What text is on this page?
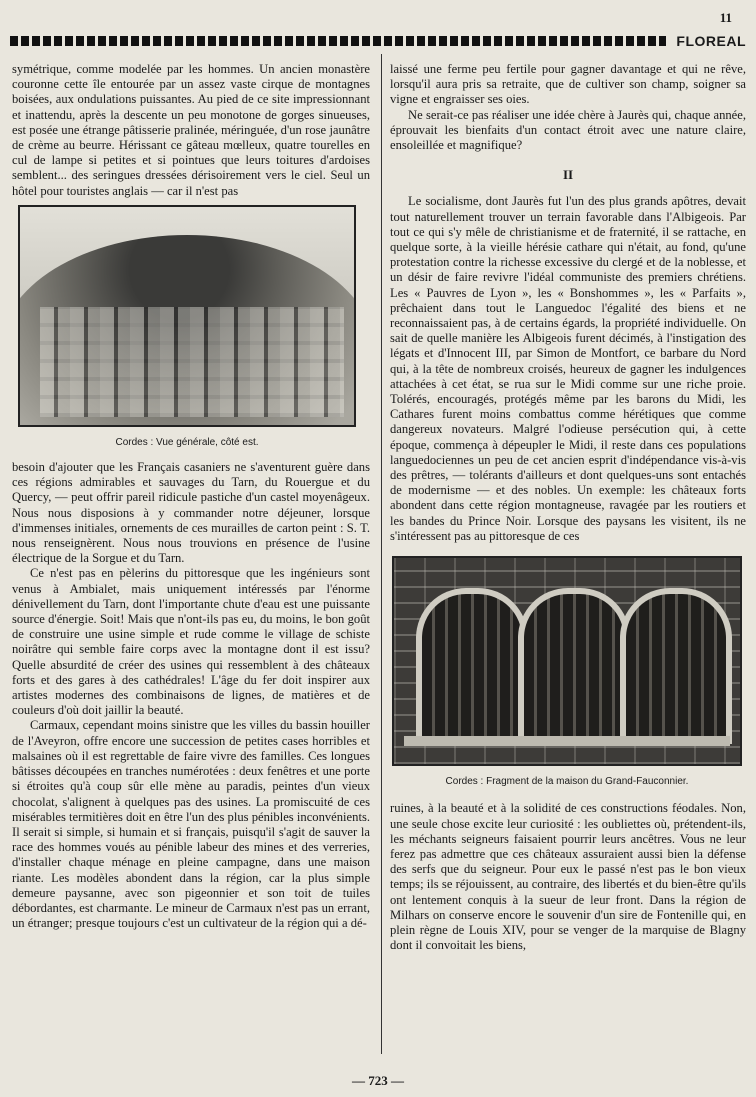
11
FLOREAL

symétrique, comme modelée par les hommes. Un ancien monastère couronne cette île entourée par un assez vaste cirque de montagnes boisées, aux ondulations puissantes. Au pied de ce site impressionnant et inattendu, après la descente un peu monotone de gorges sinueuses, est posée une étrange pâtisserie pralinée, méringuée, d'un rose jaunâtre de crème au beurre. Hérissant ce gâteau mœlleux, quatre tourelles en cul de lampe si petites et si pointues que leurs toitures d'ardoises semblent... des seringues dressées dérisoirement vers le ciel. Seul un hôtel pour touristes anglais — car il n'est pas

Cordes : Vue générale, côté est.

besoin d'ajouter que les Français casaniers ne s'aventurent guère dans ces régions admirables et sauvages du Tarn, du Rouergue et du Quercy, — peut offrir pareil ridicule pastiche d'un castel moyenâgeux. Nous nous disposions à y commander notre déjeuner, lorsque d'immenses initiales, ornements de ces murailles de carton peint : S. T. nous renseignèrent. Nous nous trouvions en présence de l'usine électrique de la Sorgue et du Tarn.

Ce n'est pas en pèlerins du pittoresque que les ingénieurs sont venus à Ambialet, mais uniquement intéressés par l'énorme dénivellement du Tarn, dont l'importante chute d'eau est une puissante source d'énergie. Soit! Mais que n'ont-ils pas eu, du moins, le bon goût de construire une usine simple et rude comme le village de schiste noirâtre qui semble faire corps avec la montagne dont il est issu? Quelle absurdité de créer des usines qui ressemblent à des châteaux forts et des gares à des cathédrales! L'âge du fer doit inspirer aux artistes modernes des combinaisons de lignes, de matières et de couleurs d'où doit jaillir la beauté.

Carmaux, cependant moins sinistre que les villes du bassin houiller de l'Aveyron, offre encore une succession de petites cases horribles et malsaines où il est regrettable de faire vivre des familles. Ces longues bâtisses découpées en tranches numérotées : deux fenêtres et une porte si étroites qu'à coup sûr elle mène au paradis, peintes d'un vieux chocolat, s'alignent à quelques pas des usines. La promiscuité de ces misérables termitières doit en être l'un des plus pénibles inconvénients. Il serait si simple, si humain et si français, puisqu'il s'agit de sauver la race des hommes voués au pénible labeur des mines et des verreries, d'installer chaque ménage en pleine campagne, dans une maison riante. Les modèles abondent dans la région, car la plus simple demeure paysanne, avec son pigeonnier et son toit de tuiles débordantes, est charmante. Le mineur de Carmaux n'est pas un errant, un étranger; presque toujours c'est un cultivateur de la région qui a dé-

laissé une ferme peu fertile pour gagner davantage et qui ne rêve, lorsqu'il aura pris sa retraite, que de cultiver son champ, soigner sa vigne et engraisser ses oies.

Ne serait-ce pas réaliser une idée chère à Jaurès qui, chaque année, éprouvait les bienfaits d'un contact étroit avec une nature claire, ensoleillée et magnifique?

II

Le socialisme, dont Jaurès fut l'un des plus grands apôtres, devait tout naturellement trouver un terrain favorable dans l'Albigeois. Par tout ce qui s'y mêle de christianisme et de fraternité, il se rattache, en quelque sorte, à la vieille hérésie cathare qui n'était, au fond, qu'une protestation contre la richesse excessive du clergé et de la noblesse, et un désir de faire revivre l'idéal communiste des premiers chrétiens. Les « Pauvres de Lyon », les « Bonshommes », les « Parfaits », prêchaient dans tout le Languedoc l'égalité des biens et ne reconnaissaient pas, à de certains égards, la propriété individuelle. On sait de quelle manière les Albigeois furent décimés, à l'instigation des légats et d'Innocent III, par Simon de Montfort, ce barbare du Nord qui, à la tête de nombreux croisés, heureux de gagner les indulgences attachées à cet état, se rua sur le Midi comme sur une riche proie. Tolérés, encouragés, protégés même par les barons du Midi, les Cathares furent moins combattus comme hérétiques que comme dangereux novateurs. Malgré l'odieuse persécution qui, à cette époque, commença à dépeupler le Midi, il reste dans ces populations languedociennes un peu de cet ancien esprit d'indépendance vis-à-vis des prêtres, — tolérants d'ailleurs et dont quelques-uns sont entachés de modernisme — et des nobles. Un exemple: les châteaux forts abondent dans cette région montagneuse, ravagée par les routiers et les bandes du Prince Noir. Lorsque des paysans les visitent, ils ne s'intéressent pas au pittoresque de ces

Cordes : Fragment de la maison du Grand-Fauconnier.

ruines, à la beauté et à la solidité de ces constructions féodales. Non, une seule chose excite leur curiosité : les oubliettes où, prétendent-ils, les méchants seigneurs faisaient pourrir leurs ancêtres. Vous ne leur ferez pas admettre que ces châteaux assuraient aussi bien la défense des serfs que du seigneur. Pour eux le passé n'est pas le bon vieux temps; ils se réjouissent, au contraire, des libertés et du bien-être qu'ils ont lentement conquis à la sueur de leur front. Dans la région de Milhars on conserve encore le souvenir d'un sire de Fontenille qui, en plein règne de Louis XIV, pour se venger de la marquise de Blagny dont il convoitait les biens,

— 723 —
